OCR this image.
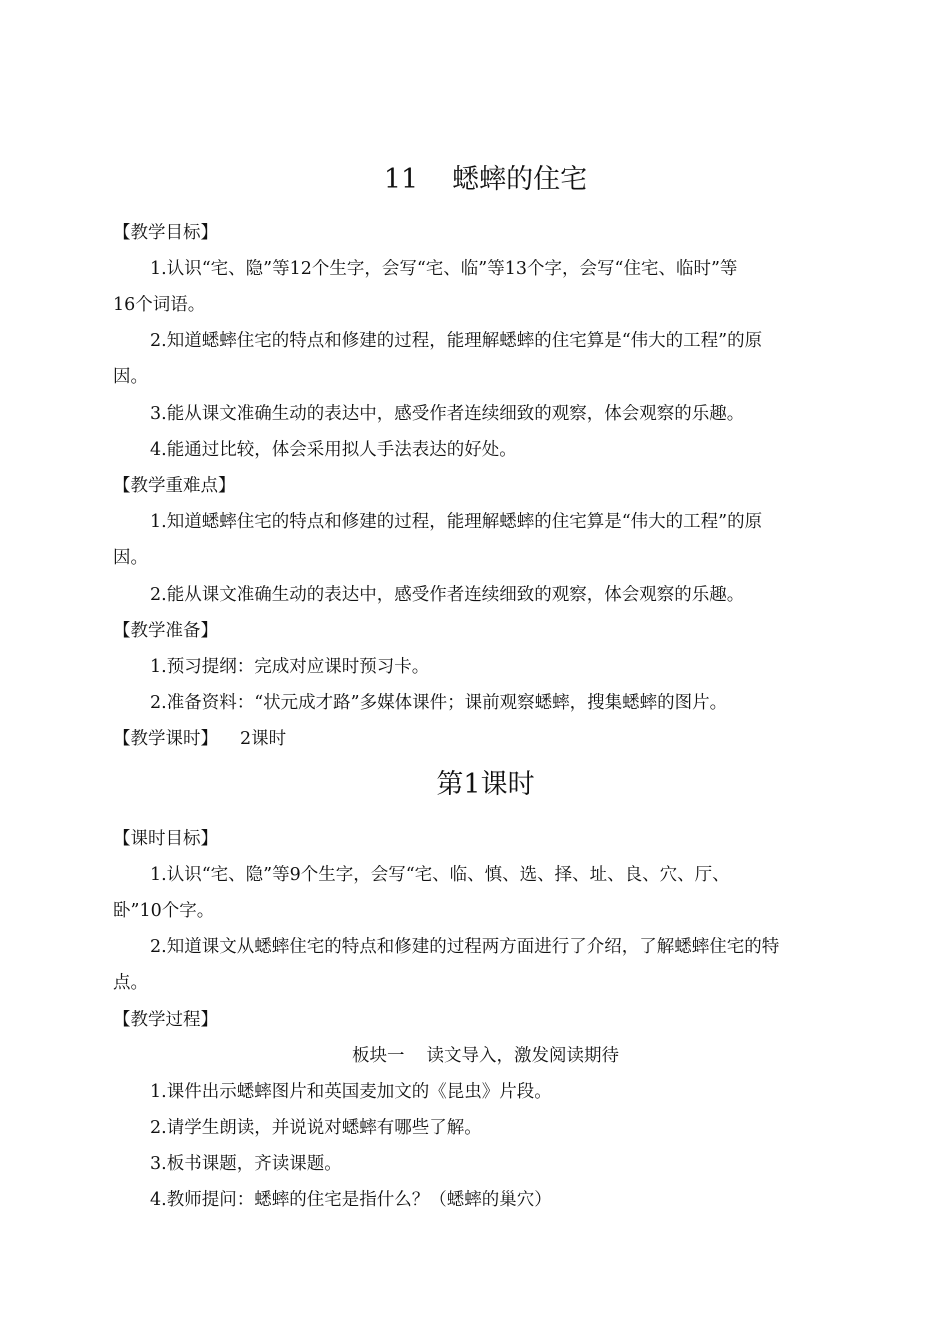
11 蟋蟀的住宅
【教学目标】
1.认识“宅、隐”等12个生字，会写“宅、临”等13个字，会写“住宅、临时”等
16个词语。
2.知道蟋蟀住宅的特点和修建的过程，能理解蟋蟀的住宅算是“伟大的工程”的原
因。
3.能从课文准确生动的表达中，感受作者连续细致的观察，体会观察的乐趣。
4.能通过比较，体会采用拟人手法表达的好处。
【教学重难点】
1.知道蟋蟀住宅的特点和修建的过程，能理解蟋蟀的住宅算是“伟大的工程”的原
因。
2.能从课文准确生动的表达中，感受作者连续细致的观察，体会观察的乐趣。
【教学准备】
1.预习提纲：完成对应课时预习卡。
2.准备资料：“状元成才路”多媒体课件；课前观察蟋蟀，搜集蟋蟀的图片。
【教学课时】 2课时
第1课时
【课时目标】
1.认识“宅、隐”等9个生字，会写“宅、临、慎、选、择、址、良、穴、厅、
卧”10个字。
2.知道课文从蟋蟀住宅的特点和修建的过程两方面进行了介绍，了解蟋蟀住宅的特
点。
【教学过程】
板块一 读文导入，激发阅读期待
1.课件出示蟋蟀图片和英国麦加文的《昆虫》片段。
2.请学生朗读，并说说对蟋蟀有哪些了解。
3.板书课题，齐读课题。
4.教师提问：蟋蟀的住宅是指什么？（蟋蟀的巢穴）
